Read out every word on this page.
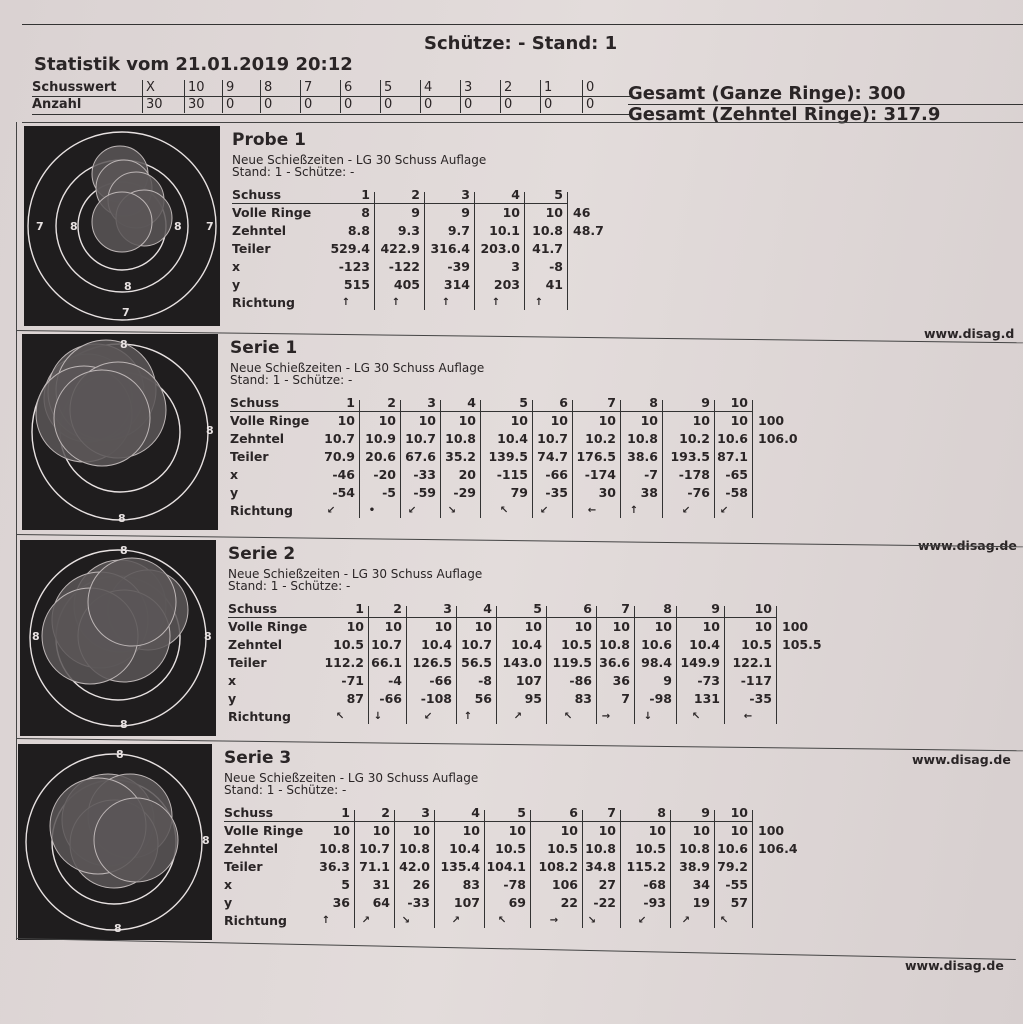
Schütze: - Stand: 1
Statistik vom 21.01.2019 20:12
Schusswert	X	10	9	8	7	6	5	4	3	2	1	0
Anzahl	30	30	0	0	0	0	0	0	0	0	0	0
Gesamt (Ganze Ringe): 300
Gesamt (Zehntel Ringe): 317.9
7 8
8
7
8
7
Probe 1
Neue Schießzeiten - LG 30 Schuss Auflage
Stand: 1 - Schütze: -
Schuss	1	2	3	4	5
Volle Ringe	8	9	9	10	10 46
Zehntel	8.8	9.3	9.7	10.1 10.8 48.7
Teiler	529.4 422.9 316.4 203.0 41.7
x	-123	-122	-39	3	-8
y	515	405	314	203	41
Richtung	↑	↑	↑	↑	↑
www.disag.d
8
8
8
Serie 1
Neue Schießzeiten - LG 30 Schuss Auflage
Stand: 1 - Schütze: -
Schuss	1	2	3	4	5	6	7	8	9	10
Volle Ringe	10	10	10	10	10	10	10	10	10	10 100
Zehntel	10.7 10.9 10.7 10.8	10.4 10.7	10.2 10.8	10.2 10.6 106.0
Teiler	70.9 20.6 67.6 35.2 139.5 74.7 176.5 38.6 193.5 87.1
x	-46	-20	-33	20	-115	-66	-174	-7	-178	-65
y	-54	-5	-59	-29	79	-35	30	38	-76	-58
Richtung	↙	•	↙	↘	↖	↙	←	↑	↙	↙
www.disag.de
8
8
8
8
Serie 2
Neue Schießzeiten - LG 30 Schuss Auflage
Stand: 1 - Schütze: -
Schuss	1	2	3	4	5	6	7	8	9	10
Volle Ringe	10	10	10	10	10	10	10	10	10	10 100
Zehntel	10.5 10.7	10.4 10.7	10.4	10.5 10.8 10.6	10.4	10.5 105.5
Teiler	112.2 66.1 126.5 56.5 143.0 119.5 36.6 98.4 149.9 122.1
x	-71	-4	-66	-8	107	-86	36	9	-73	-117
y	87	-66	-108	56	95	83	7	-98	131	-35
Richtung	↖	↓	↙	↑	↗	↖	→	↓	↖	←
www.disag.de
8
8
8
Serie 3
Neue Schießzeiten - LG 30 Schuss Auflage
Stand: 1 - Schütze: -
Schuss	1	2	3	4	5	6	7	8	9	10
Volle Ringe	10	10	10	10	10	10	10	10	10	10 100
Zehntel	10.8 10.7 10.8	10.4	10.5	10.5 10.8	10.5	10.8 10.6 106.4
Teiler	36.3 71.1 42.0 135.4 104.1 108.2 34.8 115.2	38.9 79.2
x	5	31	26	83	-78	106	27	-68	34	-55
y	36	64	-33	107	69	22	-22	-93	19	57
Richtung	↑	↗	↘	↗	↖	→	↘	↙	↗	↖
www.disag.de
